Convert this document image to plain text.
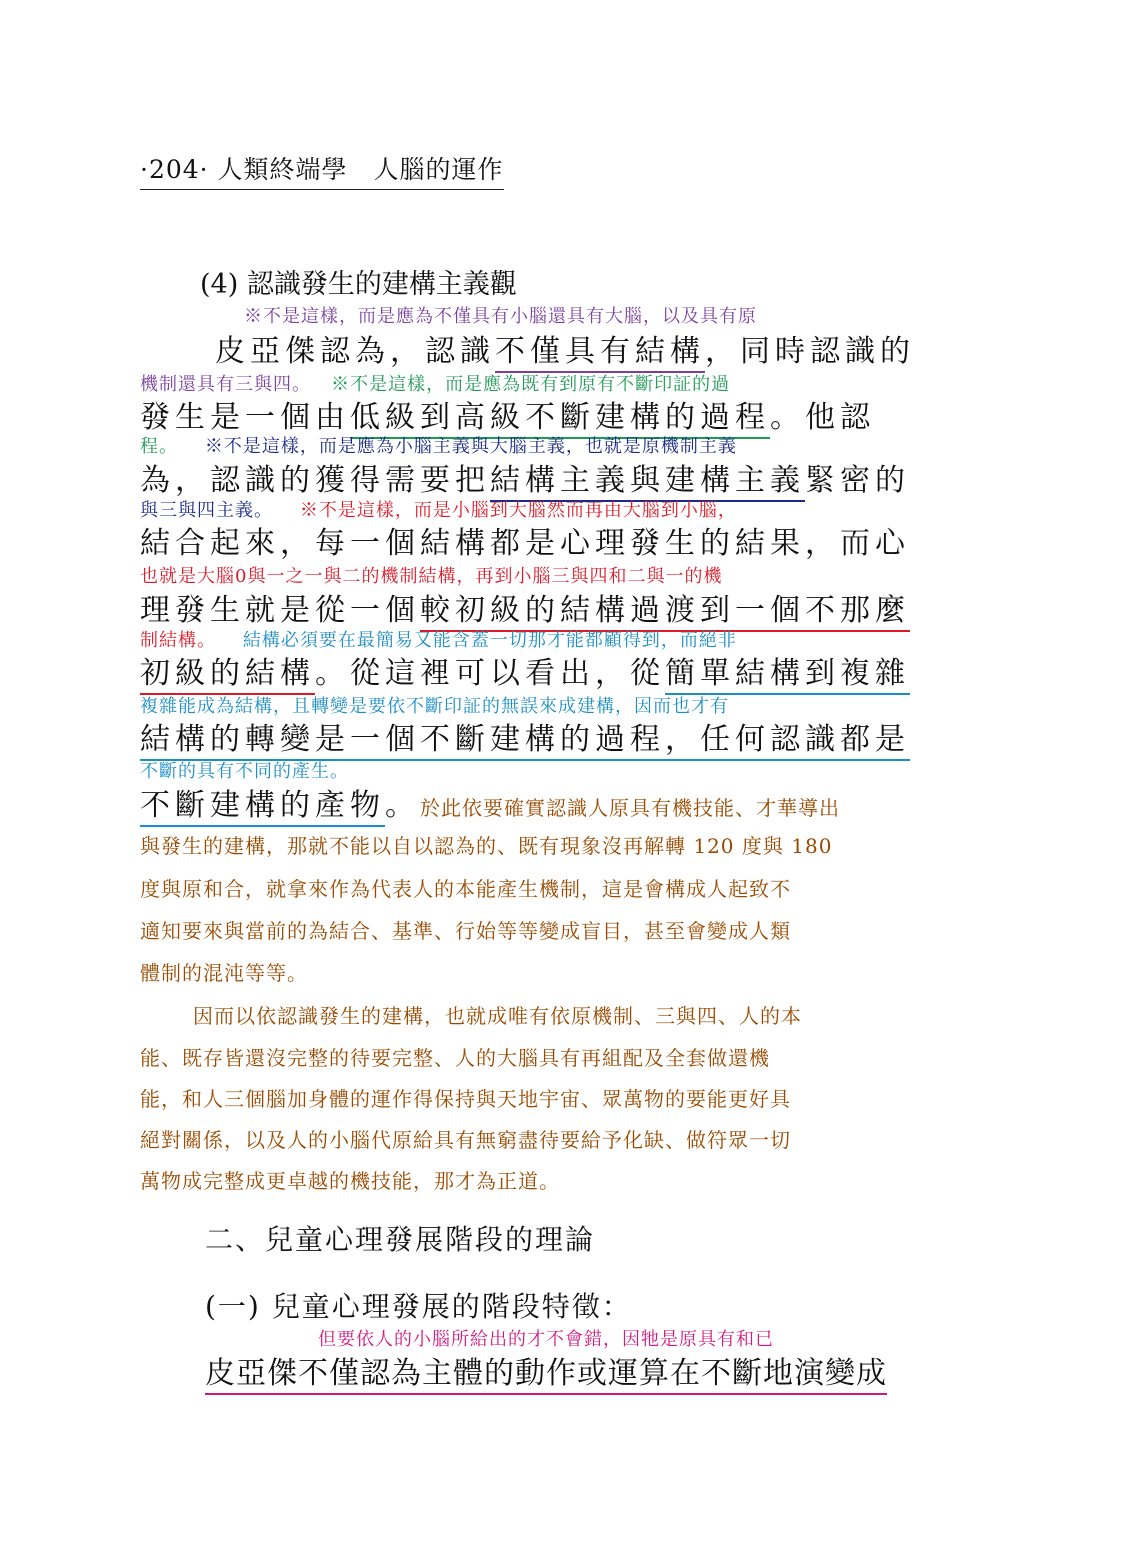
·204· 人類終端學　人腦的運作
(4) 認識發生的建構主義觀
※不是這樣，而是應為不僅具有小腦還具有大腦，以及具有原
皮亞傑認為，認識不僅具有結構，同時認識的
機制還具有三與四。 ※不是這樣，而是應為既有到原有不斷印証的過
發生是一個由低級到高級不斷建構的過程。他認
程。 ※不是這樣，而是應為小腦主義與大腦主義，也就是原機制主義
為，認識的獲得需要把結構主義與建構主義緊密的
與三與四主義。 ※不是這樣，而是小腦到大腦然而再由大腦到小腦，
結合起來，每一個結構都是心理發生的結果，而心
也就是大腦0與一之一與二的機制結構，再到小腦三與四和二與一的機
理發生就是從一個較初級的結構過渡到一個不那麼
制結構。 結構必須要在最簡易又能含蓋一切那才能都顧得到，而絕非
初級的結構。從這裡可以看出，從簡單結構到複雜
複雜能成為結構，且轉變是要依不斷印証的無誤來成建構，因而也才有
結構的轉變是一個不斷建構的過程，任何認識都是
不斷的具有不同的產生。
不斷建構的產物。於此依要確實認識人原具有機技能、才華導出
與發生的建構，那就不能以自以認為的、既有現象沒再解轉 120 度與 180
度與原和合，就拿來作為代表人的本能產生機制，這是會構成人起致不
適知要來與當前的為結合、基準、行始等等變成盲目，甚至會變成人類
體制的混沌等等。
因而以依認識發生的建構，也就成唯有依原機制、三與四、人的本
能、既存皆還沒完整的待要完整、人的大腦具有再組配及全套做還機
能，和人三個腦加身體的運作得保持與天地宇宙、眾萬物的要能更好具
絕對關係，以及人的小腦代原給具有無窮盡待要給予化缺、做符眾一切
萬物成完整成更卓越的機技能，那才為正道。
二、兒童心理發展階段的理論
(一) 兒童心理發展的階段特徵：
但要依人的小腦所給出的才不會錯，因牠是原具有和已
皮亞傑不僅認為主體的動作或運算在不斷地演變成
